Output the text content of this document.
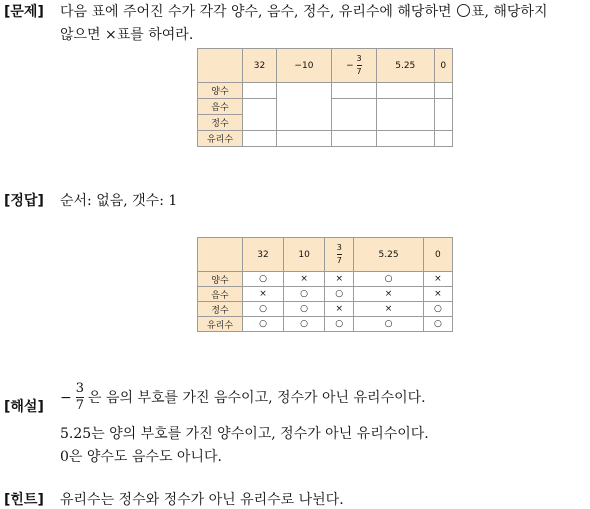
[문제] 다음 표에 주어진 수가 각각 양수, 음수, 정수, 유리수에 해당하면 표, 해당하지
않으면 ×표를 하여라.
	32	−10	− $\frac{3}{7}$	5.25	0
양수					
음수					
정수					
유리수					
[정답] 순서: 없음, 갯수: 1
	32	10	$\frac{3}{7}$	5.25	0
양수	○	×	×	○	×
음수	×	○	○	×	×
정수	○	○	×	×	○
유리수	○	○	○	○	○
[해설]
− $\frac{3}{7}$ 은 음의 부호를 가진 음수이고, 정수가 아닌 유리수이다.
5.25는 양의 부호를 가진 양수이고, 정수가 아닌 유리수이다.
0은 양수도 음수도 아니다.
[힌트] 유리수는 정수와 정수가 아닌 유리수로 나뉜다.
